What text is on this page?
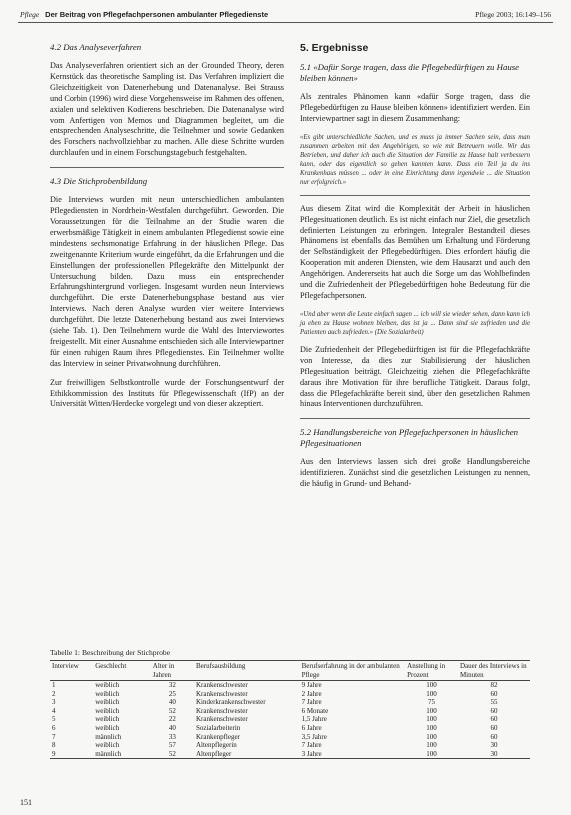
Pflege Der Beitrag von Pflegefachpersonen ambulanter Pflegedienste	Pflege 2003; 16:149–156
4.2 Das Analyseverfahren

Das Analyseverfahren orientiert sich an der Grounded Theory, deren Kernstück das theoretische Sampling ist. Das Verfahren impliziert die Gleichzeitigkeit von Datenerhebung und Datenanalyse. Bei Strauss und Corbin (1996) wird diese Vorgehensweise im Rahmen des offenen, axialen und selektiven Kodierens beschrieben. Die Datenanalyse wird vom Anfertigen von Memos und Diagrammen begleitet, um die entsprechenden Analyseschritte, die Teilnehmer und sowie Gedanken des Forschers nachvollziehbar zu machen. Alle diese Schritte wurden durchlaufen und in einem Forschungstagebuch festgehalten.

4.3 Die Stichprobenbildung

Die Interviews wurden mit neun unterschiedlichen ambulanten Pflegediensten in Nordrhein-Westfalen durchgeführt. Geworden. Die Voraussetzungen für die Teilnahme an der Studie waren die erwerbsmäßige Tätigkeit in einem ambulanten Pflegedienst sowie eine mindestens sechsmonatige Erfahrung in der häuslichen Pflege. Das zweitgenannte Kriterium wurde eingeführt, da die Erfahrungen und die Einstellungen der professionellen Pflegekräfte den Mittelpunkt der Untersuchung bilden. Dazu muss ein entsprechender Erfahrungshintergrund vorliegen. Insgesamt wurden neun Interviews durchgeführt. Die erste Datenerhebungsphase bestand aus vier Interviews. Nach deren Analyse wurden vier weitere Interviews durchgeführt. Die letzte Datenerhebung bestand aus zwei Interviews (siehe Tab. 1). Den Teilnehmern wurde die Wahl des Interviewortes freigestellt. Mit einer Ausnahme entschieden sich alle Interviewpartner für einen ruhigen Raum ihres Pflegedienstes. Ein Teilnehmer wollte das Interview in seiner Privatwohnung durchführen.

Zur freiwilligen Selbstkontrolle wurde der Forschungsentwurf der Ethikkommission des Instituts für Pflegewissenschaft (IfP) an der Universität Witten/Herdecke vorgelegt und von dieser akzeptiert.

5. Ergebnisse
5.1 «Dafür Sorge tragen, dass die Pflegebedürftigen zu Hause bleiben können»

Als zentrales Phänomen kann «dafür Sorge tragen, dass die Pflegebedürftigen zu Hause bleiben können» identifiziert werden. Ein Interviewpartner sagt in diesem Zusammenhang:

«Es gibt unterschiedliche Sachen, und es muss ja immer Sachen sein, dass man zusammen arbeiten mit den Angehörigen, so wie mit Betreuern wolle. Wir das Betrieben, und daher ich auch die Situation der Familie zu Hause halt verbessern kann, oder das eigentlich so gehen kannten kann. Dass ein Teil ja du ins Krankenhaus müssen ... oder in eine Einrichtung dann irgendwie ... die Situation nur erfolgreich.»

Aus diesem Zitat wird die Komplexität der Arbeit in häuslichen Pflegesituationen deutlich. Es ist nicht einfach nur Ziel, die gesetzlich definierten Leistungen zu erbringen. Integraler Bestandteil dieses Phänomens ist ebenfalls das Bemühen um Erhaltung und Förderung der Selbständigkeit der Pflegebedürftigen. Dies erfordert häufig die Kooperation mit anderen Diensten, wie dem Hausarzt und auch den Angehörigen. Andererseits hat auch die Sorge um das Wohlbefinden und die Zufriedenheit der Pflegebedürftigen hohe Bedeutung für die Pflegefachpersonen.

«Und aber wenn die Leute einfach sagen ... ich will sie wieder sehen, dann kann ich ja eben zu Hause wohnen bleiben, das ist ja ... Dann sind sie zufrieden und die Patienten auch zufrieden.» (Die Sozialarbeit)

Die Zufriedenheit der Pflegebedürftigen ist für die Pflegefachkräfte von Interesse, da dies zur Stabilisierung der häuslichen Pflegesituation beiträgt. Gleichzeitig ziehen die Pflegefachkräfte daraus ihre Motivation für ihre berufliche Tätigkeit. Daraus folgt, dass die Pflegefachkräfte bereit sind, über den gesetzlichen Rahmen hinaus Interventionen durchzuführen.

5.2 Handlungsbereiche von Pflegefachpersonen in häuslichen Pflegesituationen

Aus den Interviews lassen sich drei große Handlungsbereiche identifizieren. Zunächst sind die gesetzlichen Leistungen zu nennen, die häufig in Grund- und Behand-

Tabelle 1: Beschreibung der Stichprobe
Interview	Geschlecht	Alter in Jahren	Berufsausbildung	Berufserfahrung in der ambulanten Pflege	Anstellung in Prozent	Dauer des Interviews in Minuten
1	weiblich	32	Krankenschwester	9 Jahre	100	82
2	weiblich	25	Krankenschwester	2 Jahre	100	60
3	weiblich	40	Kinderkrankenschwester	7 Jahre	75	55
4	weiblich	52	Krankenschwester	6 Monate	100	60
5	weiblich	22	Krankenschwester	1,5 Jahre	100	60
6	weiblich	40	Sozialarbeiterin	6 Jahre	100	60
7	männlich	33	Krankenpfleger	3,5 Jahre	100	60
8	weiblich	57	Altenpflegerin	7 Jahre	100	30
9	männlich	52	Altenpfleger	3 Jahre	100	30
151
